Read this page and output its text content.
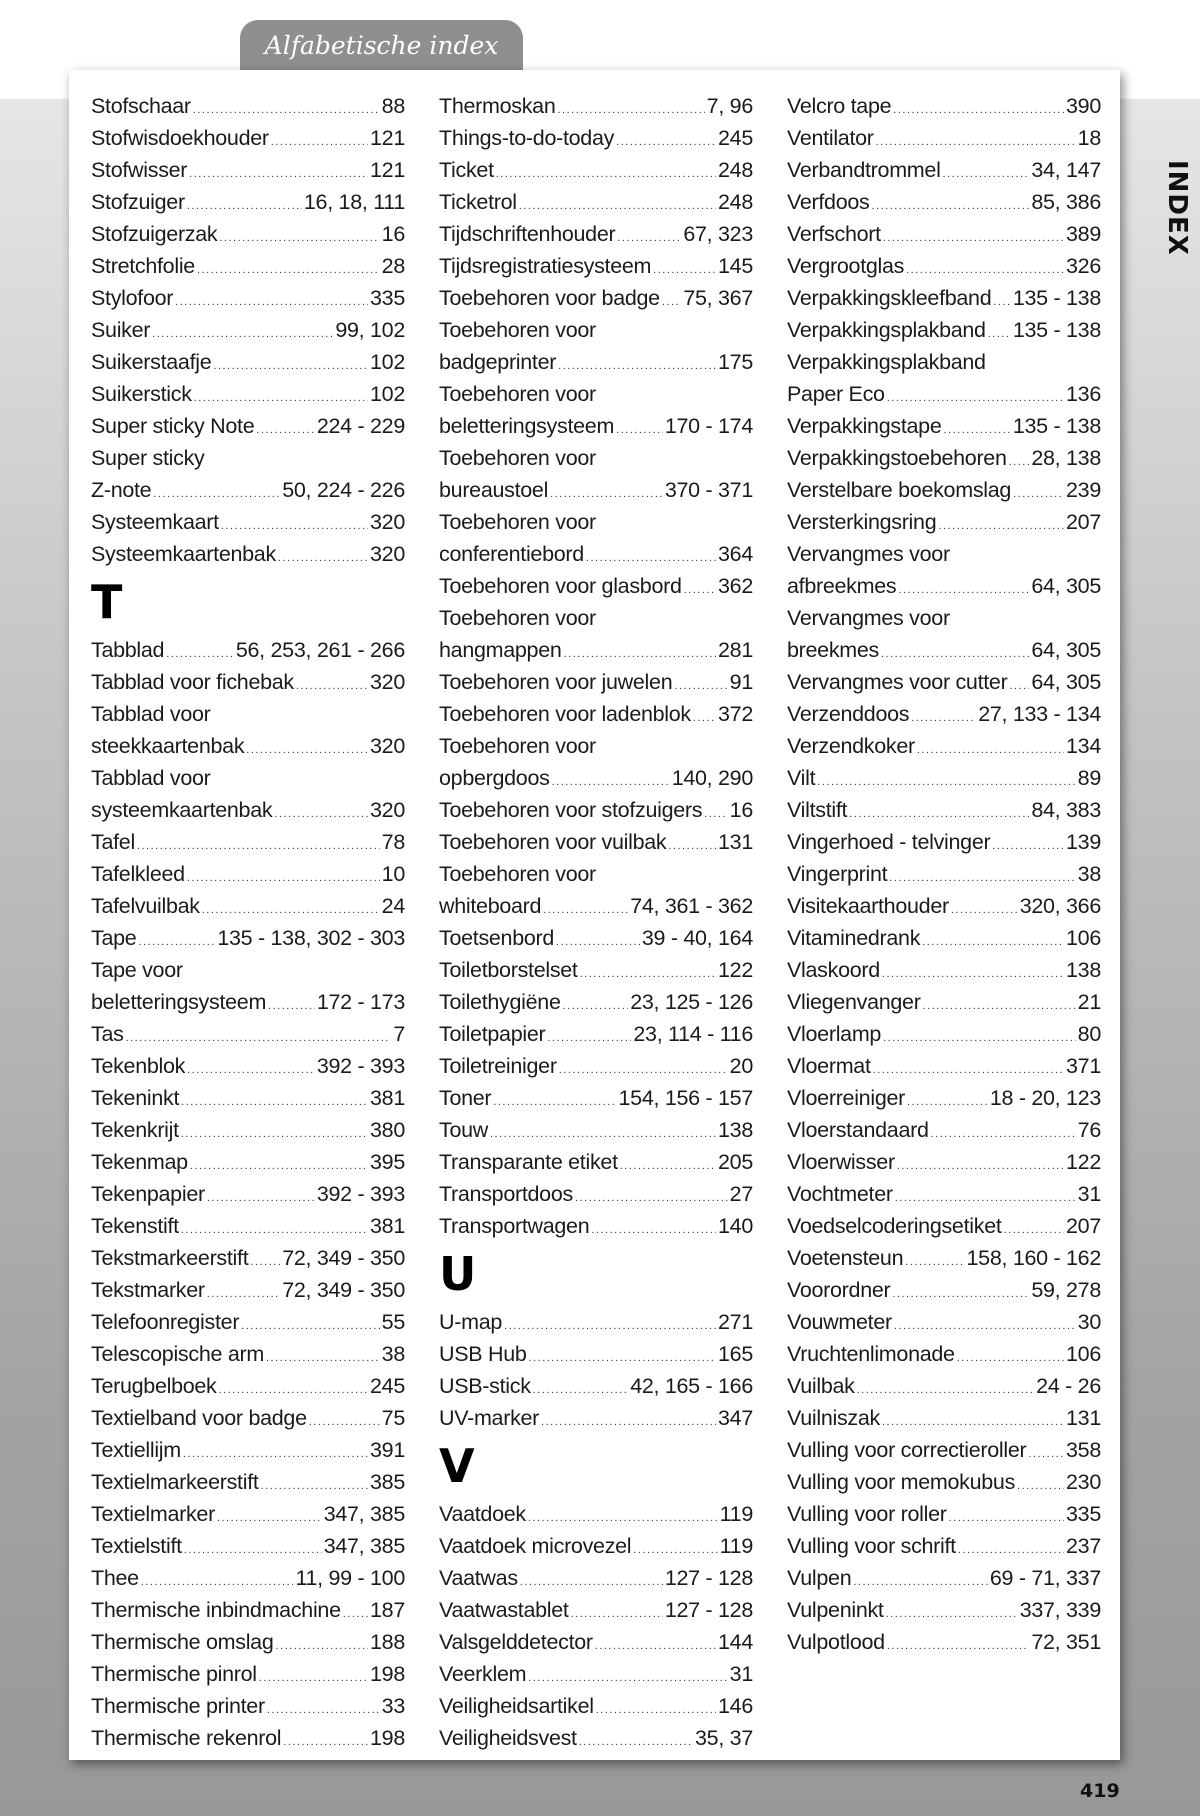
Alfabetische index
Stofschaar .....	88
Stofwisdoekhouder .....	121
Stofwisser .....	121
Stofzuiger .....	16, 18, 111
Stofzuigerzak .....	16
Stretchfolie .....	28
Stylofoor .....	335
Suiker .....	99, 102
Suikerstaafje .....	102
Suikerstick .....	102
Super sticky Note .....	224 - 229
Super sticky
Z-note .....	50, 224 - 226
Systeemkaart .....	320
Systeemkaartenbak .....	320
T
Tabblad .....	56, 253, 261 - 266
Tabblad voor fichebak .....	320
Tabblad voor
steekkaartenbak .....	320
Tabblad voor
systeemkaartenbak .....	320
Tafel .....	78
Tafelkleed .....	10
Tafelvuilbak .....	24
Tape .....	135 - 138, 302 - 303
Tape voor
beletteringsysteem ..... 172 - 173
Tas .....	7
Tekenblok .....	392 - 393
Tekeninkt .....	381
Tekenkrijt .....	380
Tekenmap .....	395
Tekenpapier .....	392 - 393
Tekenstift .....	381
Tekstmarkeerstift ..... 72, 349 - 350
Tekstmarker .....	72, 349 - 350
Telefoonregister .....	55
Telescopische arm .....	38
Terugbelboek .....	245
Textielband voor badge .....	75
Textiellijm .....	391
Textielmarkeerstift .....	385
Textielmarker .....	347, 385
Textielstift .....	347, 385
Thee .....	11, 99 - 100
Thermische inbindmachine ..... 187
Thermische omslag .....	188
Thermische pinrol .....	198
Thermische printer .....	33
Thermische rekenrol .....	198
Thermoskan .....	7, 96
Things-to-do-today .....	245
Ticket .....	248
Ticketrol .....	248
Tijdschriftenhouder .....	67, 323
Tijdsregistratiesysteem .....	145
Toebehoren voor badge ..... 75, 367
Toebehoren voor
badgeprinter .....	175
Toebehoren voor
beletteringsysteem ..... 170 - 174
Toebehoren voor
bureaustoel .....	370 - 371
Toebehoren voor
conferentiebord .....	364
Toebehoren voor glasbord ..... 362
Toebehoren voor
hangmappen .....	281
Toebehoren voor juwelen .....	91
Toebehoren voor ladenblok ..... 372
Toebehoren voor
opbergdoos .....	140, 290
Toebehoren voor stofzuigers ..... 16
Toebehoren voor vuilbak ..... 131
Toebehoren voor
whiteboard .....	74, 361 - 362
Toetsenbord .....	39 - 40, 164
Toiletborstelset .....	122
Toilethygiëne .....	23, 125 - 126
Toiletpapier .....	23, 114 - 116
Toiletreiniger .....	20
Toner .....	154, 156 - 157
Touw .....	138
Transparante etiket .....	205
Transportdoos .....	27
Transportwagen .....	140
U
U-map .....	271
USB Hub .....	165
USB-stick .....	42, 165 - 166
UV-marker .....	347
V
Vaatdoek .....	119
Vaatdoek microvezel .....	119
Vaatwas .....	127 - 128
Vaatwastablet .....	127 - 128
Valsgelddetector .....	144
Veerklem .....	31
Veiligheidsartikel .....	146
Veiligheidsvest .....	35, 37
Velcro tape .....	390
Ventilator .....	18
Verbandtrommel .....	34, 147
Verfdoos .....	85, 386
Verfschort .....	389
Vergrootglas .....	326
Verpakkingskleefband ..... 135 - 138
Verpakkingsplakband ..... 135 - 138
Verpakkingsplakband
Paper Eco .....	136
Verpakkingstape .....	135 - 138
Verpakkingstoebehoren ..... 28, 138
Verstelbare boekomslag .....	239
Versterkingsring .....	207
Vervangmes voor
afbreekmes .....	64, 305
Vervangmes voor
breekmes .....	64, 305
Vervangmes voor cutter ..... 64, 305
Verzenddoos .....	27, 133 - 134
Verzendkoker .....	134
Vilt .....	89
Viltstift .....	84, 383
Vingerhoed - telvinger .....	139
Vingerprint .....	38
Visitekaarthouder .....	320, 366
Vitaminedrank .....	106
Vlaskoord .....	138
Vliegenvanger .....	21
Vloerlamp .....	80
Vloermat .....	371
Vloerreiniger .....	18 - 20, 123
Vloerstandaard .....	76
Vloerwisser .....	122
Vochtmeter .....	31
Voedselcoderingsetiket .....	207
Voetensteun .....	158, 160 - 162
Voorordner .....	59, 278
Vouwmeter .....	30
Vruchtenlimonade .....	106
Vuilbak .....	24 - 26
Vuilniszak .....	131
Vulling voor correctieroller ..... 358
Vulling voor memokubus ..... 230
Vulling voor roller .....	335
Vulling voor schrift .....	237
Vulpen .....	69 - 71, 337
Vulpeninkt .....	337, 339
Vulpotlood .....	72, 351
INDEX
419
